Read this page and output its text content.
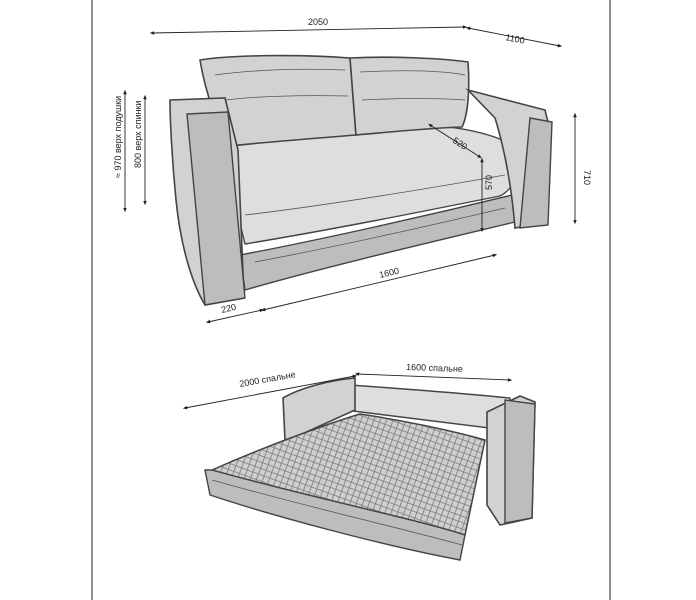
2050
1100
520
570	710
≈ 970 верх подушки 800 верх спинки
1600
220
2000 спальне
1600 спальне
